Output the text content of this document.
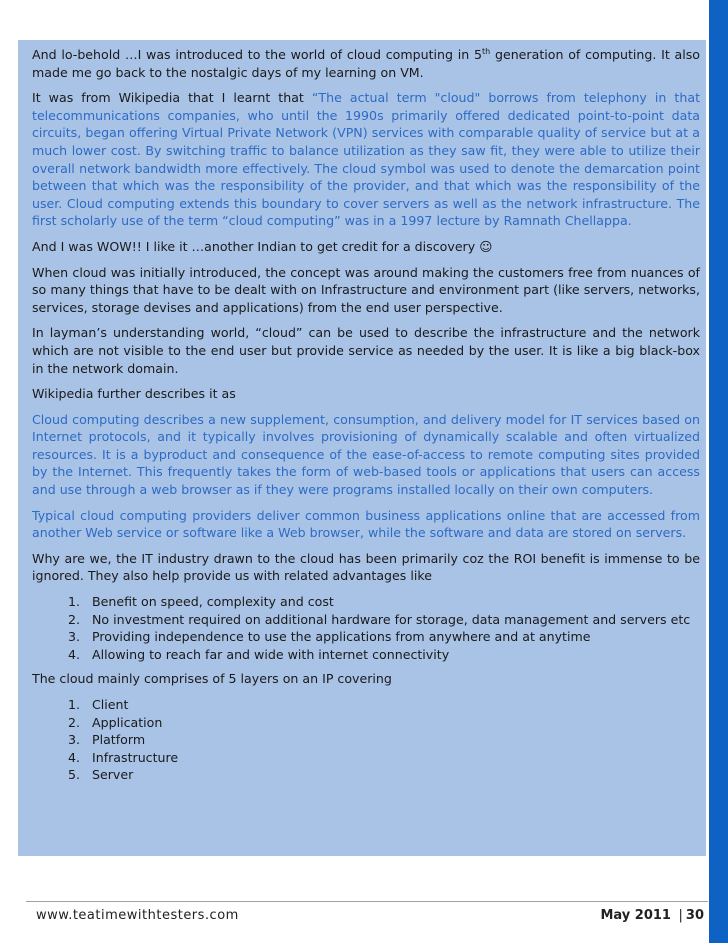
And lo-behold …I was introduced to the world of cloud computing in 5th generation of computing. It also made me go back to the nostalgic days of my learning on VM.

It was from Wikipedia that I learnt that “The actual term "cloud" borrows from telephony in that telecommunications companies, who until the 1990s primarily offered dedicated point-to-point data circuits, began offering Virtual Private Network (VPN) services with comparable quality of service but at a much lower cost. By switching traffic to balance utilization as they saw fit, they were able to utilize their overall network bandwidth more effectively. The cloud symbol was used to denote the demarcation point between that which was the responsibility of the provider, and that which was the responsibility of the user. Cloud computing extends this boundary to cover servers as well as the network infrastructure. The first scholarly use of the term “cloud computing” was in a 1997 lecture by Ramnath Chellappa.

And I was WOW!! I like it …another Indian to get credit for a discovery ☺

When cloud was initially introduced, the concept was around making the customers free from nuances of so many things that have to be dealt with on Infrastructure and environment part (like servers, networks, services, storage devises and applications) from the end user perspective.

In layman’s understanding world, “cloud” can be used to describe the infrastructure and the network which are not visible to the end user but provide service as needed by the user. It is like a big black-box in the network domain.

Wikipedia further describes it as

Cloud computing describes a new supplement, consumption, and delivery model for IT services based on Internet protocols, and it typically involves provisioning of dynamically scalable and often virtualized resources. It is a byproduct and consequence of the ease-of-access to remote computing sites provided by the Internet. This frequently takes the form of web-based tools or applications that users can access and use through a web browser as if they were programs installed locally on their own computers.

Typical cloud computing providers deliver common business applications online that are accessed from another Web service or software like a Web browser, while the software and data are stored on servers.

Why are we, the IT industry drawn to the cloud has been primarily coz the ROI benefit is immense to be ignored. They also help provide us with related advantages like

1. Benefit on speed, complexity and cost
2. No investment required on additional hardware for storage, data management and servers etc
3. Providing independence to use the applications from anywhere and at anytime
4. Allowing to reach far and wide with internet connectivity

The cloud mainly comprises of 5 layers on an IP covering

1. Client
2. Application
3. Platform
4. Infrastructure
5. Server
www.teatimewithtesters.com	May 2011 | 30
